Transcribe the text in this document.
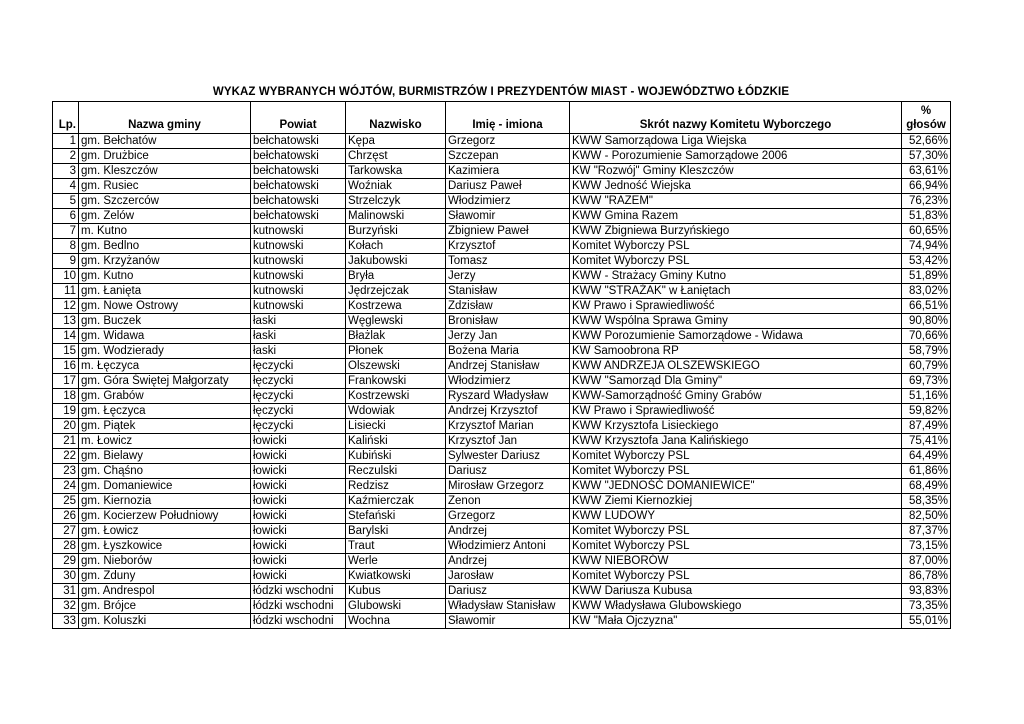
WYKAZ WYBRANYCH WÓJTÓW, BURMISTRZÓW I PREZYDENTÓW MIAST - WOJEWÓDZTWO ŁÓDZKIE
Lp.	Nazwa gminy	Powiat	Nazwisko	Imię - imiona	Skrót nazwy Komitetu Wyborczego	%
głosów
1	gm. Bełchatów	bełchatowski	Kępa	Grzegorz	KWW Samorządowa Liga Wiejska	52,66%
2	gm. Drużbice	bełchatowski	Chrzęst	Szczepan	KWW - Porozumienie Samorządowe 2006	57,30%
3	gm. Kleszczów	bełchatowski	Tarkowska	Kazimiera	KW "Rozwój" Gminy Kleszczów	63,61%
4	gm. Rusiec	bełchatowski	Woźniak	Dariusz Paweł	KWW Jedność Wiejska	66,94%
5	gm. Szczerców	bełchatowski	Strzelczyk	Włodzimierz	KWW "RAZEM"	76,23%
6	gm. Zelów	bełchatowski	Malinowski	Sławomir	KWW Gmina Razem	51,83%
7	m. Kutno	kutnowski	Burzyński	Zbigniew Paweł	KWW Zbigniewa Burzyńskiego	60,65%
8	gm. Bedlno	kutnowski	Kołach	Krzysztof	Komitet Wyborczy PSL	74,94%
9	gm. Krzyżanów	kutnowski	Jakubowski	Tomasz	Komitet Wyborczy PSL	53,42%
10	gm. Kutno	kutnowski	Bryła	Jerzy	KWW - Strażacy Gminy Kutno	51,89%
11	gm. Łanięta	kutnowski	Jędrzejczak	Stanisław	KWW "STRAŻAK" w Łaniętach	83,02%
12	gm. Nowe Ostrowy	kutnowski	Kostrzewa	Zdzisław	KW Prawo i Sprawiedliwość	66,51%
13	gm. Buczek	łaski	Węglewski	Bronisław	KWW Wspólna Sprawa Gminy	90,80%
14	gm. Widawa	łaski	Błażlak	Jerzy Jan	KWW Porozumienie Samorządowe - Widawa	70,66%
15	gm. Wodzierady	łaski	Płonek	Bożena Maria	KW Samoobrona RP	58,79%
16	m. Łęczyca	łęczycki	Olszewski	Andrzej Stanisław	KWW ANDRZEJA OLSZEWSKIEGO	60,79%
17	gm. Góra Świętej Małgorzaty	łęczycki	Frankowski	Włodzimierz	KWW "Samorząd Dla Gminy"	69,73%
18	gm. Grabów	łęczycki	Kostrzewski	Ryszard Władysław	KWW-Samorządność Gminy Grabów	51,16%
19	gm. Łęczyca	łęczycki	Wdowiak	Andrzej Krzysztof	KW Prawo i Sprawiedliwość	59,82%
20	gm. Piątek	łęczycki	Lisiecki	Krzysztof Marian	KWW Krzysztofa Lisieckiego	87,49%
21	m. Łowicz	łowicki	Kaliński	Krzysztof Jan	KWW Krzysztofa Jana Kalińskiego	75,41%
22	gm. Bielawy	łowicki	Kubiński	Sylwester Dariusz	Komitet Wyborczy PSL	64,49%
23	gm. Chąśno	łowicki	Reczulski	Dariusz	Komitet Wyborczy PSL	61,86%
24	gm. Domaniewice	łowicki	Redzisz	Mirosław Grzegorz	KWW "JEDNOŚĆ DOMANIEWICE"	68,49%
25	gm. Kiernozia	łowicki	Kaźmierczak	Zenon	KWW Ziemi Kiernozkiej	58,35%
26	gm. Kocierzew Południowy	łowicki	Stefański	Grzegorz	KWW LUDOWY	82,50%
27	gm. Łowicz	łowicki	Barylski	Andrzej	Komitet Wyborczy PSL	87,37%
28	gm. Łyszkowice	łowicki	Traut	Włodzimierz Antoni	Komitet Wyborczy PSL	73,15%
29	gm. Nieborów	łowicki	Werle	Andrzej	KWW NIEBORÓW	87,00%
30	gm. Zduny	łowicki	Kwiatkowski	Jarosław	Komitet Wyborczy PSL	86,78%
31	gm. Andrespol	łódzki wschodni	Kubus	Dariusz	KWW Dariusza Kubusa	93,83%
32	gm. Brójce	łódzki wschodni	Glubowski	Władysław Stanisław	KWW Władysława Glubowskiego	73,35%
33	gm. Koluszki	łódzki wschodni	Wochna	Sławomir	KW "Mała Ojczyzna"	55,01%
